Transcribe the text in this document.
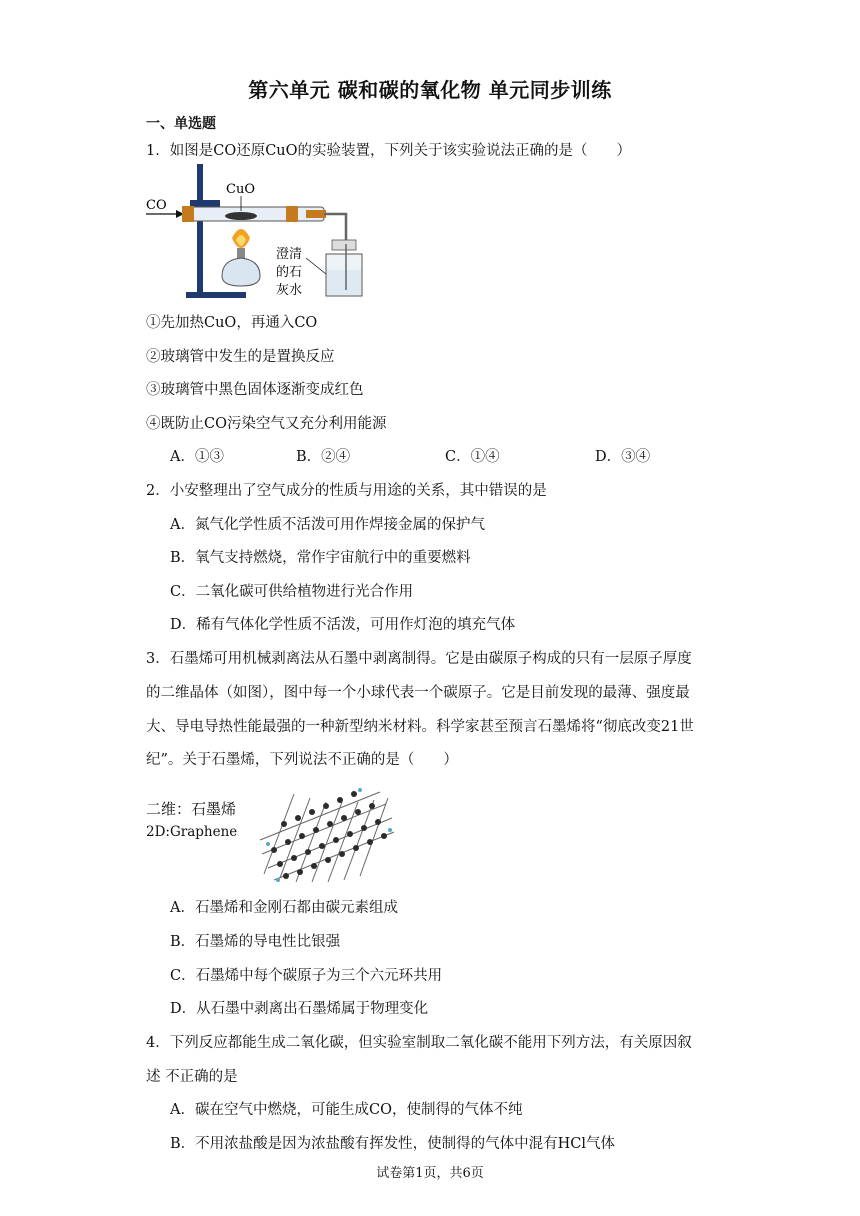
第六单元 碳和碳的氧化物 单元同步训练
一、单选题
1．如图是CO还原CuO的实验装置，下列关于该实验说法正确的是（　　）
CO
CuO
澄清
的石
灰水
①先加热CuO，再通入CO
②玻璃管中发生的是置换反应
③玻璃管中黑色固体逐渐变成红色
④既防止CO污染空气又充分利用能源
A．①③	B．②④	C．①④	D．③④
2．小安整理出了空气成分的性质与用途的关系，其中错误的是
A．氮气化学性质不活泼可用作焊接金属的保护气
B．氧气支持燃烧，常作宇宙航行中的重要燃料
C．二氧化碳可供给植物进行光合作用
D．稀有气体化学性质不活泼，可用作灯泡的填充气体
3．石墨烯可用机械剥离法从石墨中剥离制得。它是由碳原子构成的只有一层原子厚度
的二维晶体（如图），图中每一个小球代表一个碳原子。它是目前发现的最薄、强度最
大、导电导热性能最强的一种新型纳米材料。科学家甚至预言石墨烯将“彻底改变21世
纪”。关于石墨烯，下列说法不正确的是（　　）
二维：石墨烯
2D:Graphene
A．石墨烯和金刚石都由碳元素组成
B．石墨烯的导电性比银强
C．石墨烯中每个碳原子为三个六元环共用
D．从石墨中剥离出石墨烯属于物理变化
4．下列反应都能生成二氧化碳，但实验室制取二氧化碳不能用下列方法，有关原因叙
述 不正确的是
A．碳在空气中燃烧，可能生成CO，使制得的气体不纯
B．不用浓盐酸是因为浓盐酸有挥发性，使制得的气体中混有HCl气体
试卷第1页，共6页
